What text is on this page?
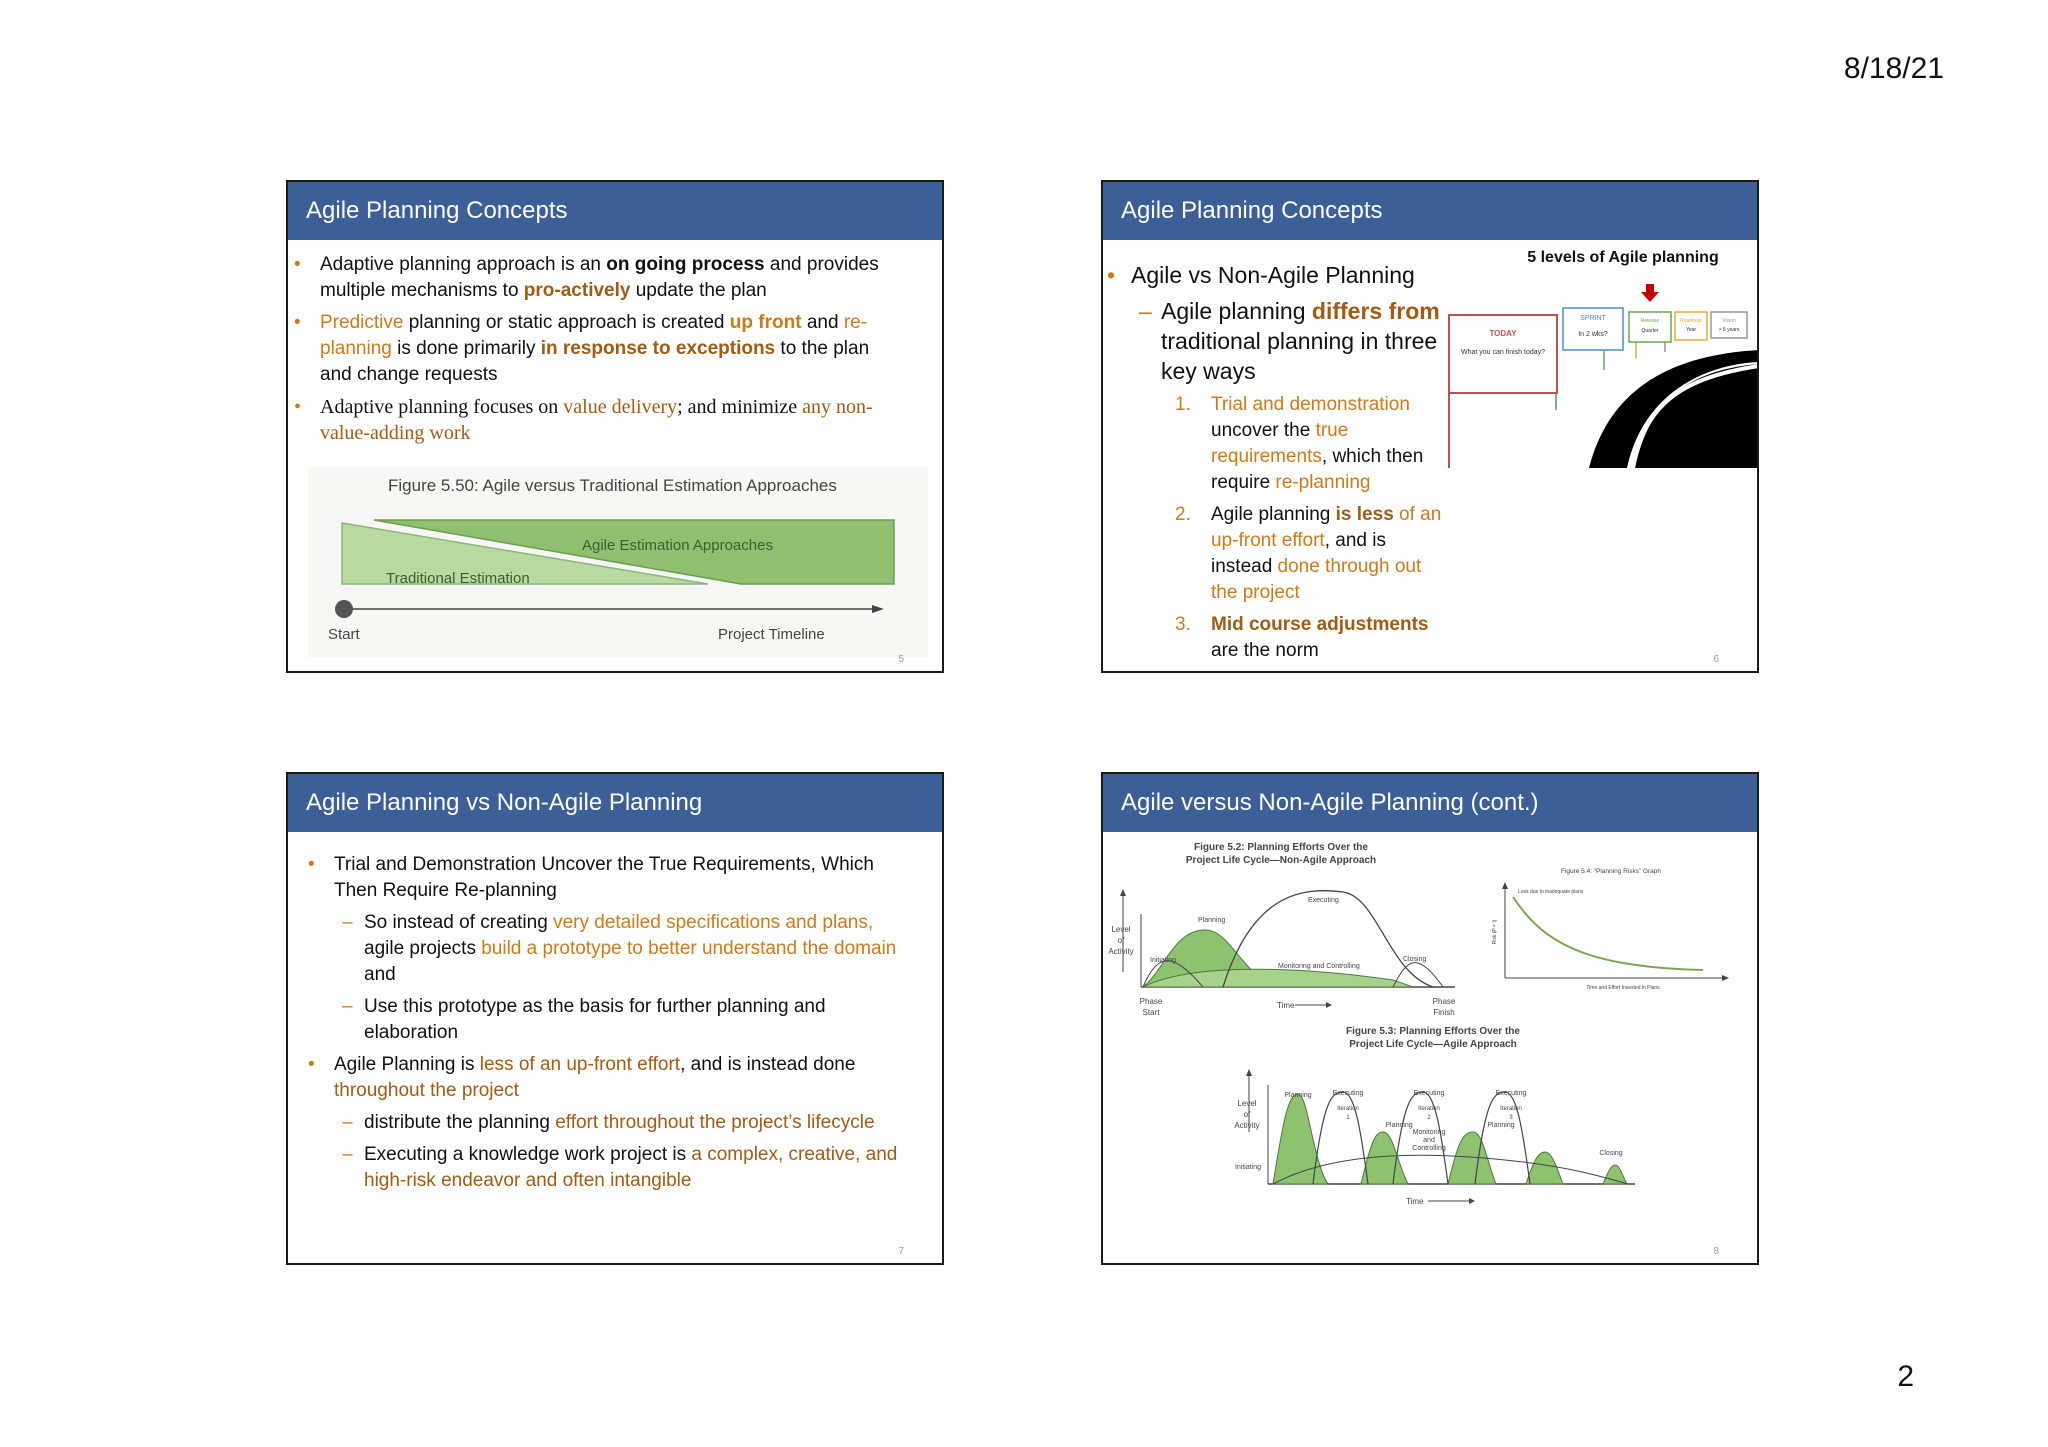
8/18/21
Agile Planning Concepts
• Adaptive planning approach is an on going process and provides multiple mechanisms to pro-actively update the plan
• Predictive planning or static approach is created up front and re-planning is done primarily in response to exceptions to the plan and change requests
• Adaptive planning focuses on value delivery; and minimize any non-value-adding work
Figure 5.50: Agile versus Traditional Estimation Approaches
Agile Estimation Approaches
Traditional Estimation
Start	Project Timeline
5
Agile Planning Concepts
• Agile vs Non-Agile Planning
– Agile planning differs from traditional planning in three key ways
1. Trial and demonstration uncover the true requirements, which then require re-planning
2. Agile planning is less of an up-front effort, and is instead done through out the project
3. Mid course adjustments are the norm
5 levels of Agile planning
TODAY
What you can finish today?
SPRINT
In 2 wks?
Release
Quarter
Roadmap
Year
Vision
> 5 years
6
Agile Planning vs Non-Agile Planning
• Trial and Demonstration Uncover the True Requirements, Which Then Require Re-planning
– So instead of creating very detailed specifications and plans, agile projects build a prototype to better understand the domain and
– Use this prototype as the basis for further planning and elaboration
• Agile Planning is less of an up-front effort, and is instead done throughout the project
– distribute the planning effort throughout the project’s lifecycle
– Executing a knowledge work project is a complex, creative, and high-risk endeavor and often intangible
7
Agile versus Non-Agile Planning (cont.)
Figure 5.2: Planning Efforts Over the
Project Life Cycle—Non-Agile Approach
Level
of
Activity
Planning
Executing
Initiating
Monitoring and Controlling
Closing
Phase
Start
Time	Phase
Finish
Figure 5.4: “Planning Risks” Graph
Loss due to inadequate plans
Risk (P × I)
Time and Effort Invested in Plans
Figure 5.3: Planning Efforts Over the
Project Life Cycle—Agile Approach
Level
of
Activity
Initiating
Planning	Executing
Iteration
1
Planning
Executing
Iteration
2
Monitoring
and
Controlling
Planning
Executing
Iteration
3
Closing
Time
8
2
